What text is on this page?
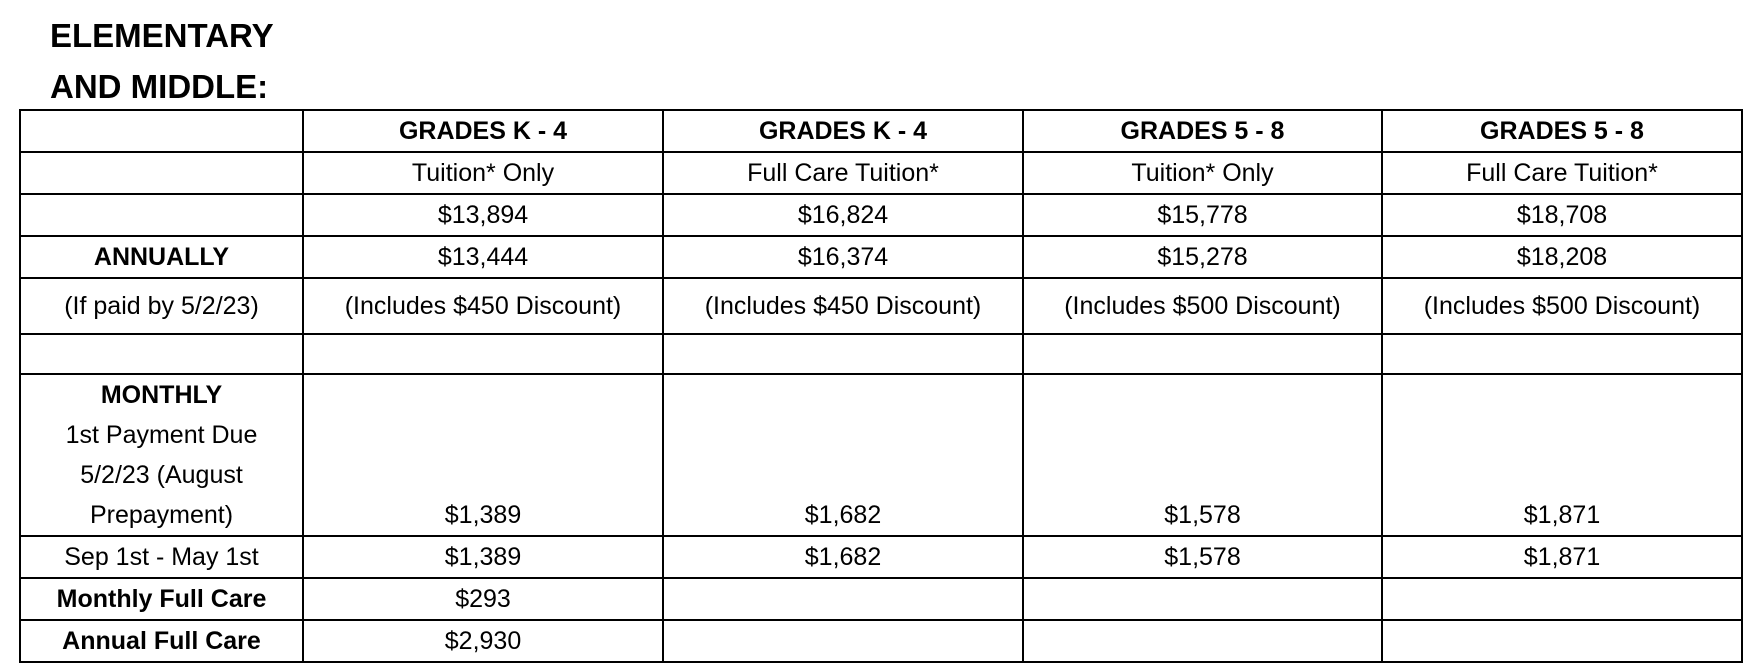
ELEMENTARY
AND MIDDLE:
	GRADES K - 4	GRADES K - 4	GRADES 5 - 8	GRADES 5 - 8
	Tuition* Only	Full Care Tuition*	Tuition* Only	Full Care Tuition*
	$13,894	$16,824	$15,778	$18,708
ANNUALLY	$13,444	$16,374	$15,278	$18,208
(If paid by 5/2/23)	(Includes $450 Discount)	(Includes $450 Discount)	(Includes $500 Discount)	(Includes $500 Discount)

MONTHLY
1st Payment Due
5/2/23 (August
Prepayment)	$1,389	$1,682	$1,578	$1,871
Sep 1st - May 1st	$1,389	$1,682	$1,578	$1,871
Monthly Full Care	$293			
Annual Full Care	$2,930			
